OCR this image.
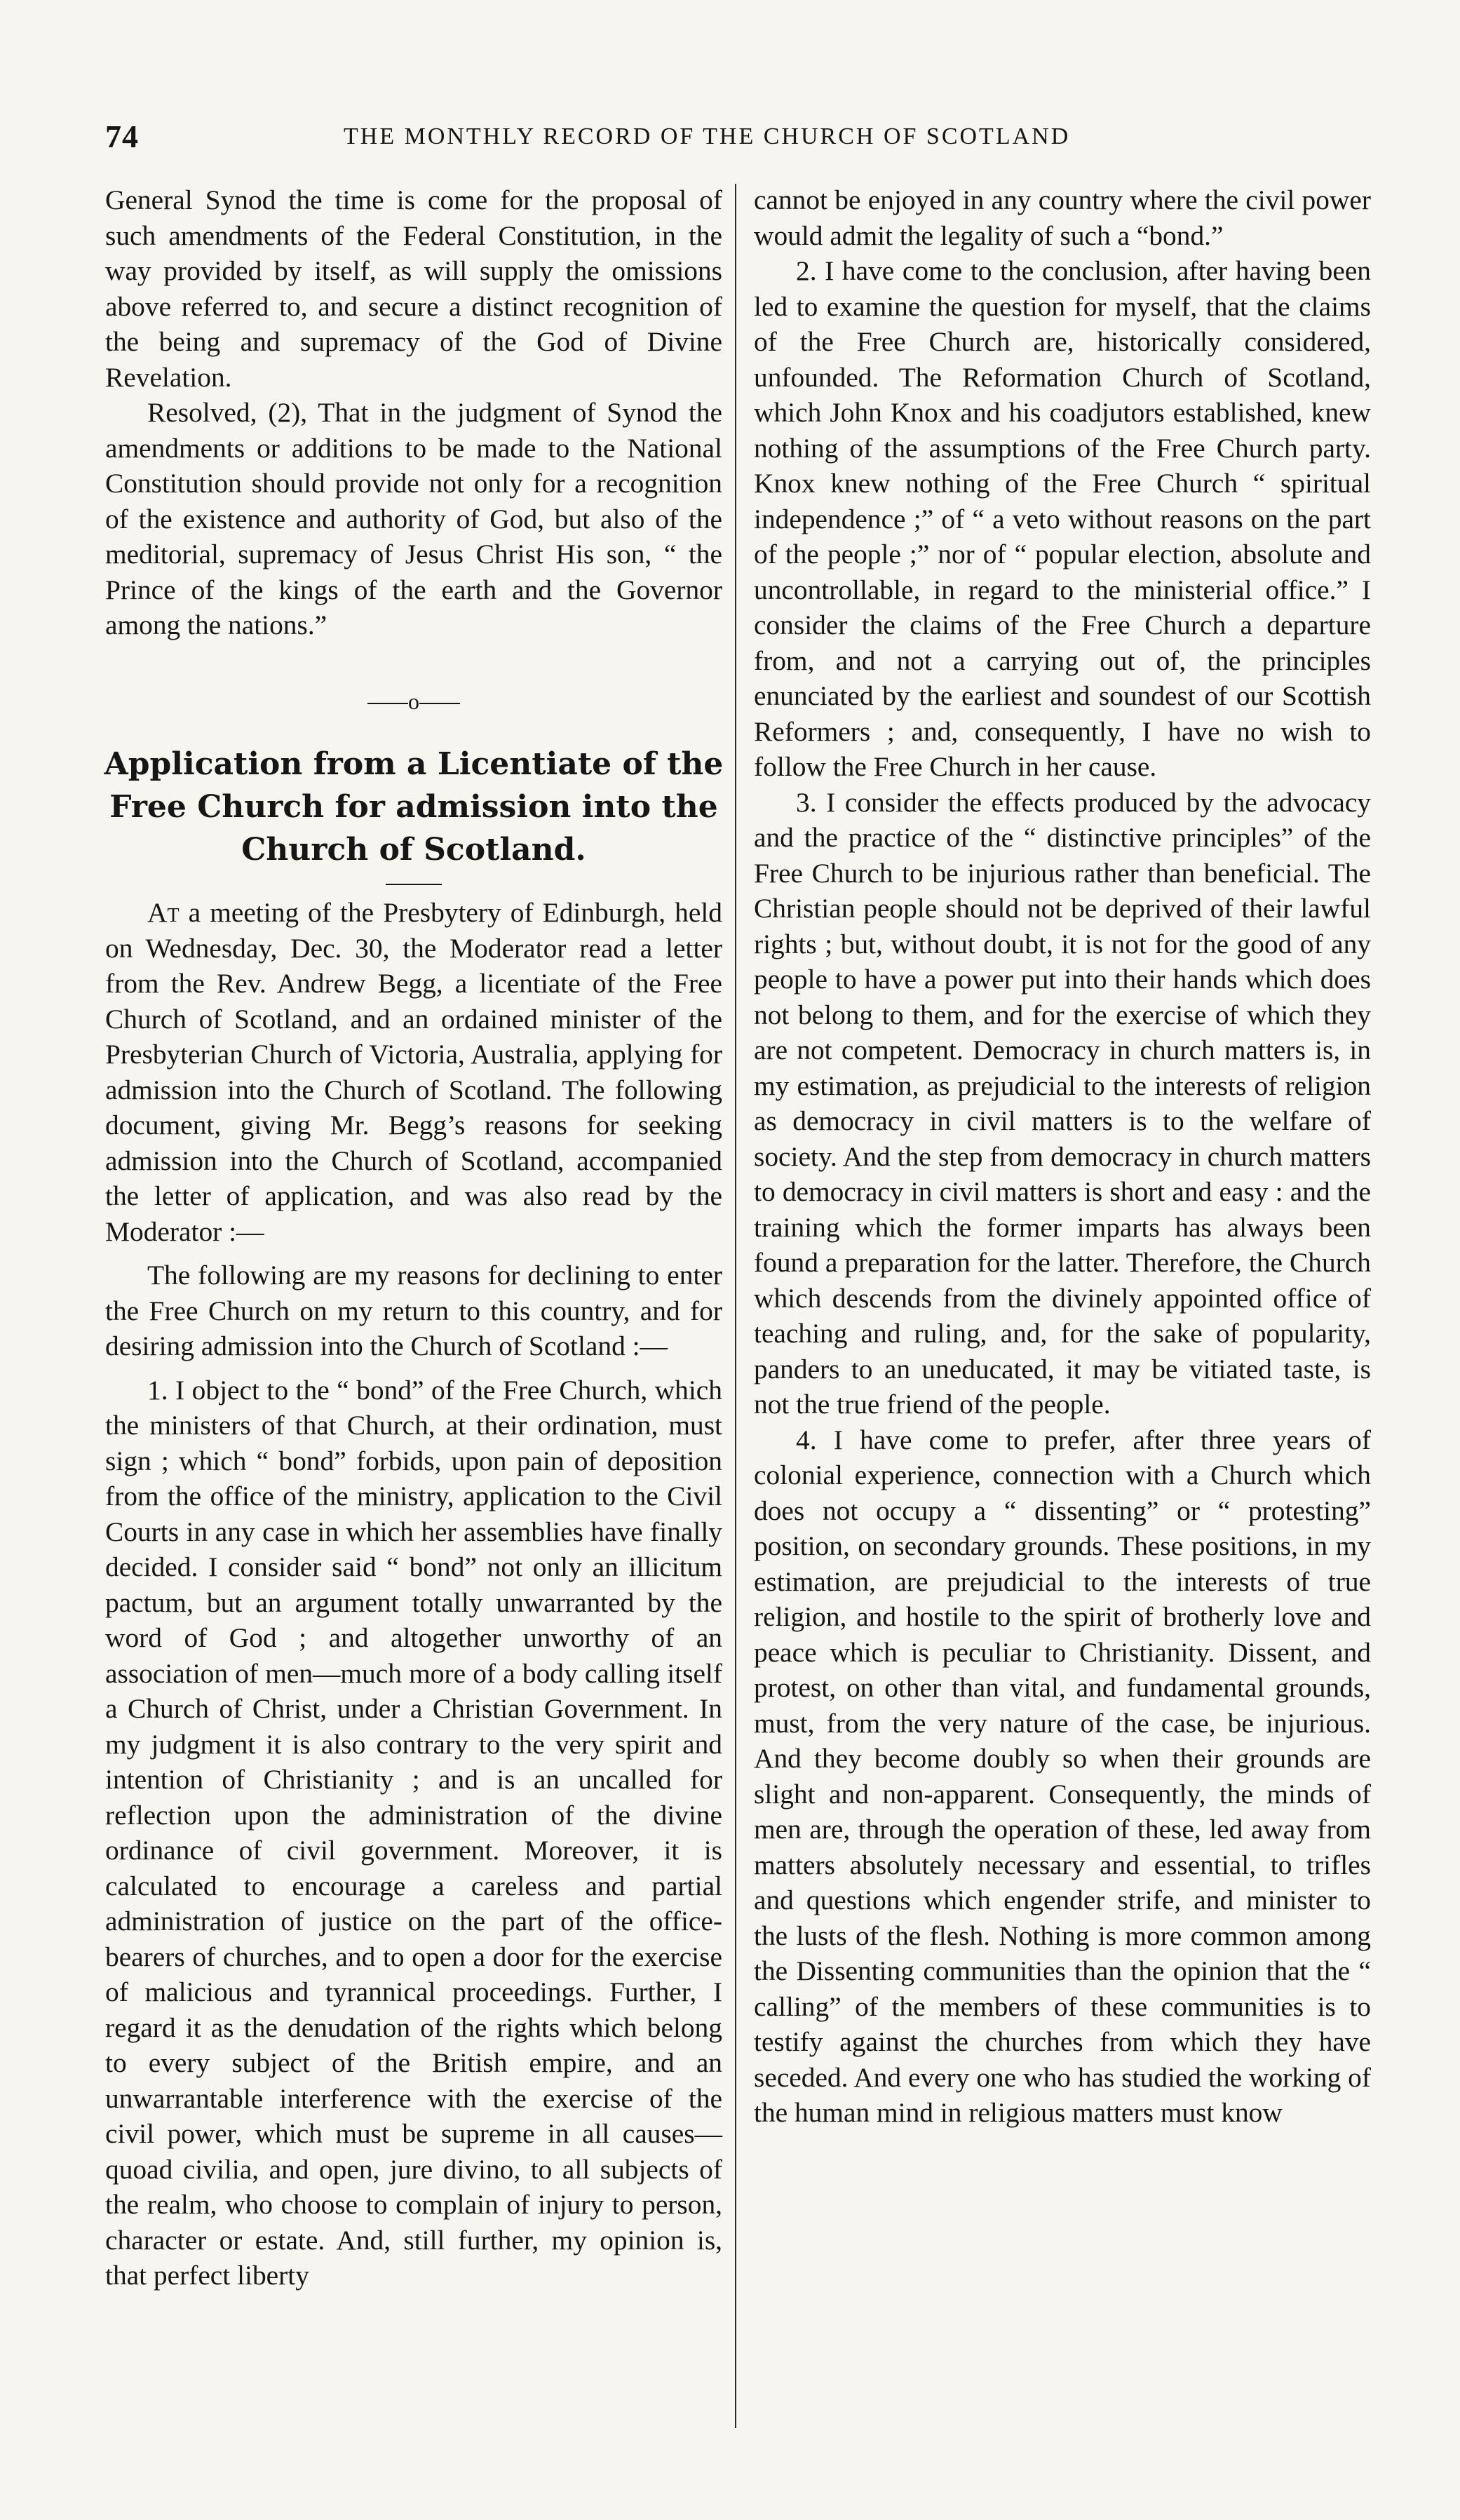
74	THE MONTHLY RECORD OF THE CHURCH OF SCOTLAND

General Synod the time is come for the proposal of such amendments of the Federal Constitution, in the way provided by itself, as will supply the omissions above referred to, and secure a distinct recognition of the being and supremacy of the God of Divine Revelation.

Resolved, (2), That in the judgment of Synod the amendments or additions to be made to the National Constitution should provide not only for a recognition of the existence and authority of God, but also of the meditorial, supremacy of Jesus Christ His son, “ the Prince of the kings of the earth and the Governor among the nations.”

o
Application from a Licentiate of the Free Church for admission into the Church of Scotland.

At a meeting of the Presbytery of Edinburgh, held on Wednesday, Dec. 30, the Moderator read a letter from the Rev. Andrew Begg, a licentiate of the Free Church of Scotland, and an ordained minister of the Presbyterian Church of Victoria, Australia, applying for admission into the Church of Scotland. The following document, giving Mr. Begg’s reasons for seeking admission into the Church of Scotland, accompanied the letter of application, and was also read by the Moderator :—

The following are my reasons for declining to enter the Free Church on my return to this country, and for desiring admission into the Church of Scotland :—

1. I object to the “ bond” of the Free Church, which the ministers of that Church, at their ordination, must sign ; which “ bond” forbids, upon pain of deposition from the office of the ministry, application to the Civil Courts in any case in which her assemblies have finally decided. I consider said “ bond” not only an illicitum pactum, but an argument totally unwarranted by the word of God ; and altogether unworthy of an association of men—much more of a body calling itself a Church of Christ, under a Christian Government. In my judgment it is also contrary to the very spirit and intention of Christianity ; and is an uncalled for reflection upon the administration of the divine ordinance of civil government. Moreover, it is calculated to encourage a careless and partial administration of justice on the part of the office-bearers of churches, and to open a door for the exercise of malicious and tyrannical proceedings. Further, I regard it as the denudation of the rights which belong to every subject of the British empire, and an unwarrantable interference with the exercise of the civil power, which must be supreme in all causes—quoad civilia, and open, jure divino, to all subjects of the realm, who choose to complain of injury to person, character or estate. And, still further, my opinion is, that perfect liberty

cannot be enjoyed in any country where the civil power would admit the legality of such a “bond.”

2. I have come to the conclusion, after having been led to examine the question for myself, that the claims of the Free Church are, historically considered, unfounded. The Reformation Church of Scotland, which John Knox and his coadjutors established, knew nothing of the assumptions of the Free Church party. Knox knew nothing of the Free Church “ spiritual independence ;” of “ a veto without reasons on the part of the people ;” nor of “ popular election, absolute and uncontrollable, in regard to the ministerial office.” I consider the claims of the Free Church a departure from, and not a carrying out of, the principles enunciated by the earliest and soundest of our Scottish Reformers ; and, consequently, I have no wish to follow the Free Church in her cause.

3. I consider the effects produced by the advocacy and the practice of the “ distinctive principles” of the Free Church to be injurious rather than beneficial. The Christian people should not be deprived of their lawful rights ; but, without doubt, it is not for the good of any people to have a power put into their hands which does not belong to them, and for the exercise of which they are not competent. Democracy in church matters is, in my estimation, as prejudicial to the interests of religion as democracy in civil matters is to the welfare of society. And the step from democracy in church matters to democracy in civil matters is short and easy : and the training which the former imparts has always been found a preparation for the latter. Therefore, the Church which descends from the divinely appointed office of teaching and ruling, and, for the sake of popularity, panders to an uneducated, it may be vitiated taste, is not the true friend of the people.

4. I have come to prefer, after three years of colonial experience, connection with a Church which does not occupy a “ dissenting” or “ protesting” position, on secondary grounds. These positions, in my estimation, are prejudicial to the interests of true religion, and hostile to the spirit of brotherly love and peace which is peculiar to Christianity. Dissent, and protest, on other than vital, and fundamental grounds, must, from the very nature of the case, be injurious. And they become doubly so when their grounds are slight and non-apparent. Consequently, the minds of men are, through the operation of these, led away from matters absolutely necessary and essential, to trifles and questions which engender strife, and minister to the lusts of the flesh. Nothing is more common among the Dissenting communities than the opinion that the “ calling” of the members of these communities is to testify against the churches from which they have seceded. And every one who has studied the working of the human mind in religious matters must know
